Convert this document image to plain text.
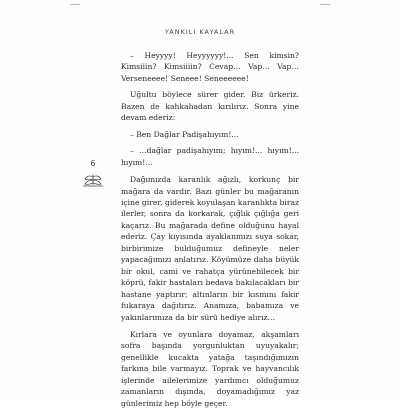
YANKILI KAYALAR
6

– Heyyyy! Heyyyyyy!... Sen kimsin? Kimsiiin? Kimsiiiin? Cevap… Vap… Vap… Verseneeee! Seneee! Seneeeeee!

Uğultu böylece sürer gider. Biz ürkeriz. Bazen de kahkahadan kırılırız. Sonra yine devam ederiz:

– Ben Dağlar Padişahıyım!...

– …dağlar padişahıyım; hıyım!... hıyım!... hıyım!...

Dağımızda karanlık ağızlı, korkunç bir mağara da vardır. Bazı günler bu mağaranın içine girer, giderek koyulaşan karanlıkta biraz ilerler, sonra da korkarak, çığlık çığlığa geri kaçarız. Bu mağarada define olduğunu hayal ederiz. Çay kıyısında ayaklanmızı suya sokar, birbirimize bulduğumuz defineyle neler yapacağımızı anlatırız. Köyümüze daha büyük bir okul, cami ve rahatça yürünebilecek bir köprü, fakir hastaları bedava bakılacakları bir hastane yaptırır; altınların bir kısmını fakir fukaraya dağıtırız. Anamıza, babamıza ve yakınlarımıza da bir sürü hediye alırız…

Kırlara ve oyunlara doyamaz, akşamları sofra başında yorgunluktan uyuyakalır; genellikle kucakta yatağa taşındığımızın farkına bile varmayız. Toprak ve hayvancılık işlerinde ailelerimize yardımcı olduğumuz zamanların dışında, doyamadığımız yaz günlerimiz hep böyle geçer.
